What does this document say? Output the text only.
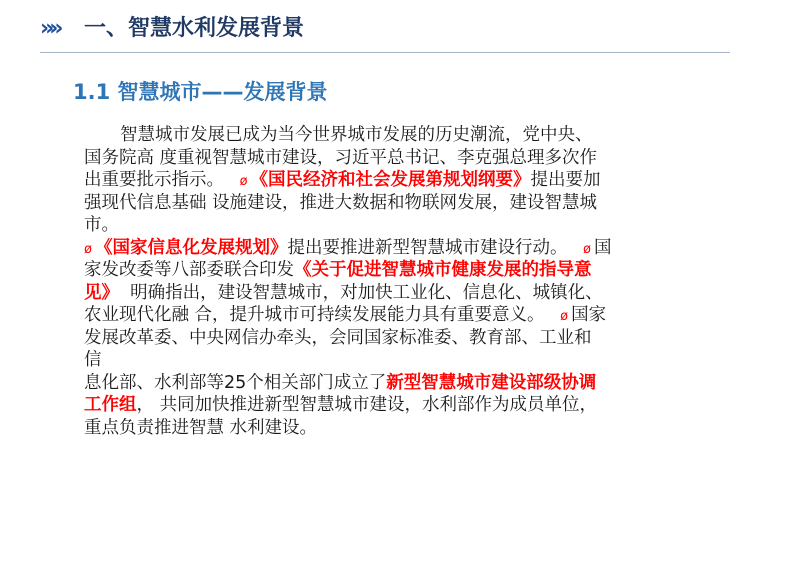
»» 一、智慧水利发展背景
1.1 智慧城市——发展背景
智慧城市发展已成为当今世界城市发展的历史潮流，党中央、
国务院高 度重视智慧城市建设，习近平总书记、李克强总理多次作
出重要批示指示。 ø 《国民经济和社会发展第规划纲要》提出要加
强现代信息基础 设施建设，推进大数据和物联网发展，建设智慧城
市。
ø 《国家信息化发展规划》提出要推进新型智慧城市建设行动。 ø 国
家发改委等八部委联合印发《关于促进智慧城市健康发展的指导意
见》 明确指出，建设智慧城市，对加快工业化、信息化、城镇化、
农业现代化融 合，提升城市可持续发展能力具有重要意义。 ø 国家
发展改革委、中央网信办牵头，会同国家标准委、教育部、工业和
信
息化部、水利部等25个相关部门成立了新型智慧城市建设部级协调
工作组， 共同加快推进新型智慧城市建设，水利部作为成员单位，
重点负责推进智慧 水利建设。
